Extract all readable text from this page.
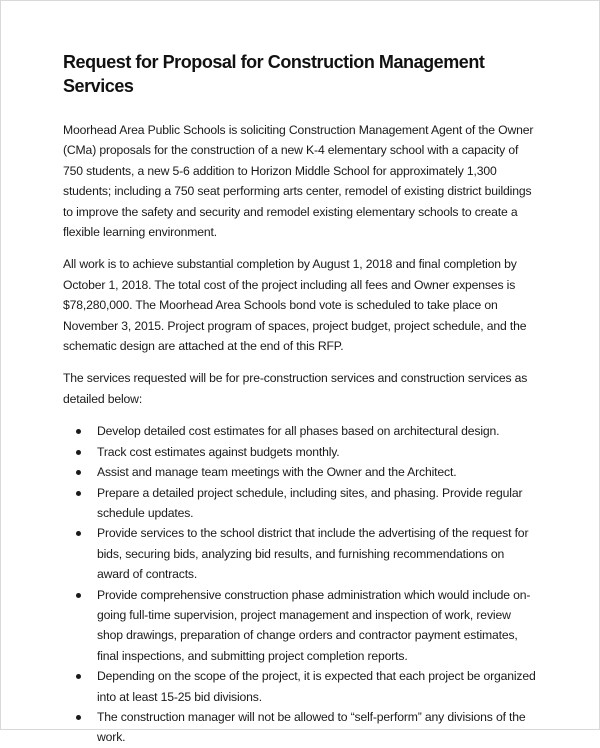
Request for Proposal for Construction Management Services

Moorhead Area Public Schools is soliciting Construction Management Agent of the Owner (CMa) proposals for the construction of a new K-4 elementary school with a capacity of 750 students, a new 5-6 addition to Horizon Middle School for approximately 1,300 students; including a 750 seat performing arts center, remodel of existing district buildings to improve the safety and security and remodel existing elementary schools to create a flexible learning environment.

All work is to achieve substantial completion by August 1, 2018 and final completion by October 1, 2018. The total cost of the project including all fees and Owner expenses is $78,280,000. The Moorhead Area Schools bond vote is scheduled to take place on November 3, 2015. Project program of spaces, project budget, project schedule, and the schematic design are attached at the end of this RFP.

The services requested will be for pre-construction services and construction services as detailed below:

Develop detailed cost estimates for all phases based on architectural design.
Track cost estimates against budgets monthly.
Assist and manage team meetings with the Owner and the Architect.
Prepare a detailed project schedule, including sites, and phasing. Provide regular schedule updates.
Provide services to the school district that include the advertising of the request for bids, securing bids, analyzing bid results, and furnishing recommendations on award of contracts.
Provide comprehensive construction phase administration which would include on-going full-time supervision, project management and inspection of work, review shop drawings, preparation of change orders and contractor payment estimates, final inspections, and submitting project completion reports.
Depending on the scope of the project, it is expected that each project be organized into at least 15-25 bid divisions.
The construction manager will not be allowed to “self-perform” any divisions of the work.
